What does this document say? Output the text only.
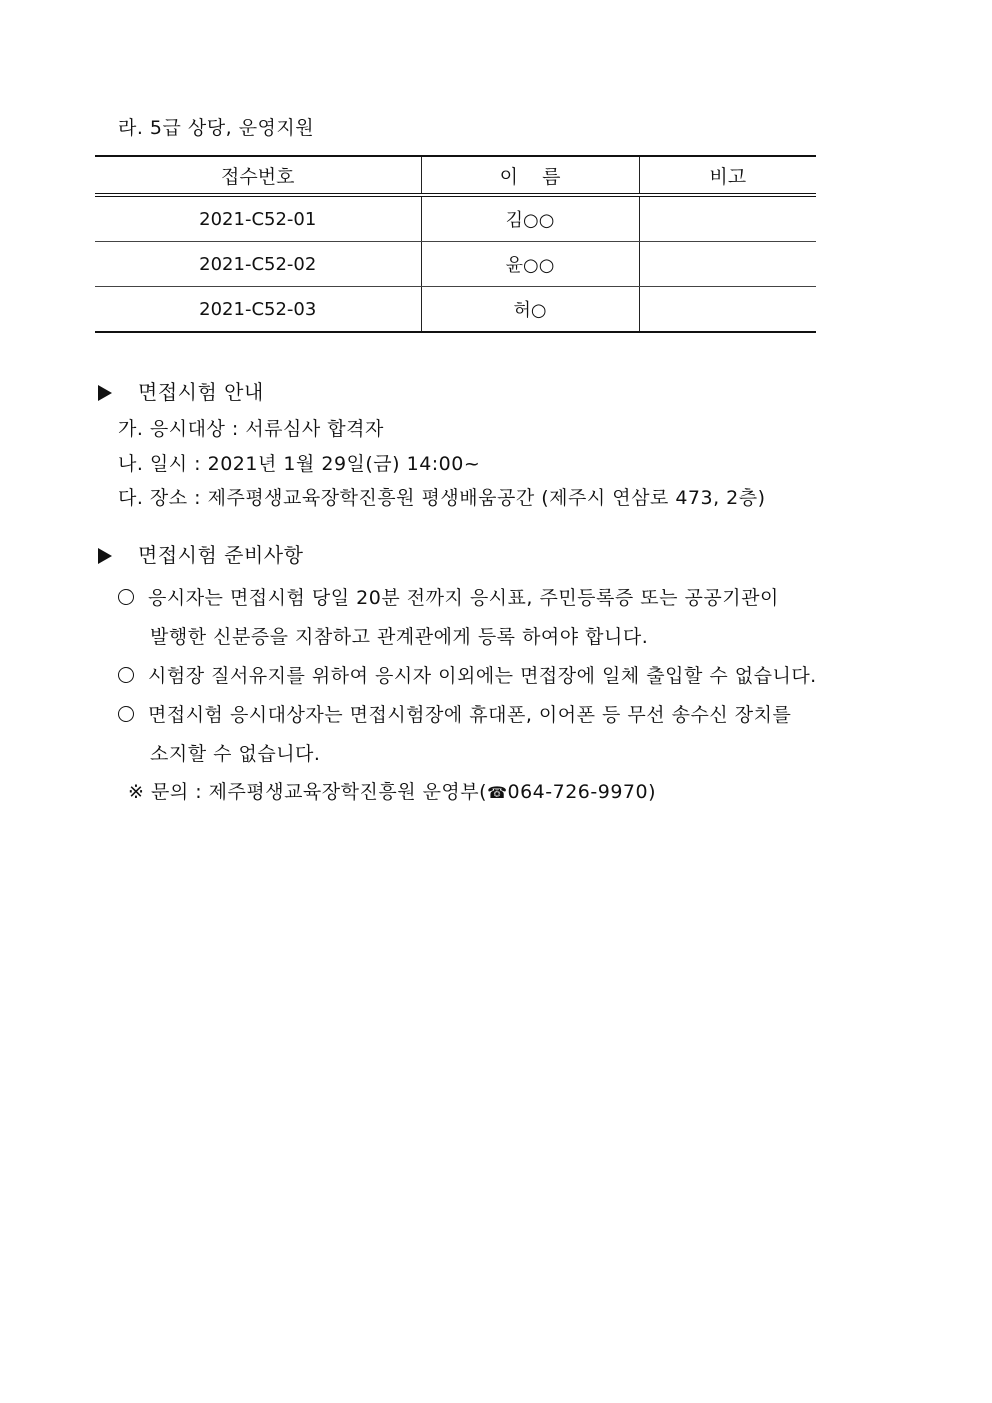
라. 5급 상당, 운영지원
접수번호	이    름	비고
2021-C52-01	김○○	
2021-C52-02	윤○○	
2021-C52-03	허○	
면접시험 안내
가. 응시대상 : 서류심사 합격자
나. 일시 : 2021년 1월 29일(금) 14:00~
다. 장소 : 제주평생교육장학진흥원 평생배움공간 (제주시 연삼로 473, 2층)
면접시험 준비사항
응시자는 면접시험 당일 20분 전까지 응시표, 주민등록증 또는 공공기관이
발행한 신분증을 지참하고 관계관에게 등록 하여야 합니다.
시험장 질서유지를 위하여 응시자 이외에는 면접장에 일체 출입할 수 없습니다.
면접시험 응시대상자는 면접시험장에 휴대폰, 이어폰 등 무선 송수신 장치를
소지할 수 없습니다.
※ 문의 : 제주평생교육장학진흥원 운영부(☎064-726-9970)
